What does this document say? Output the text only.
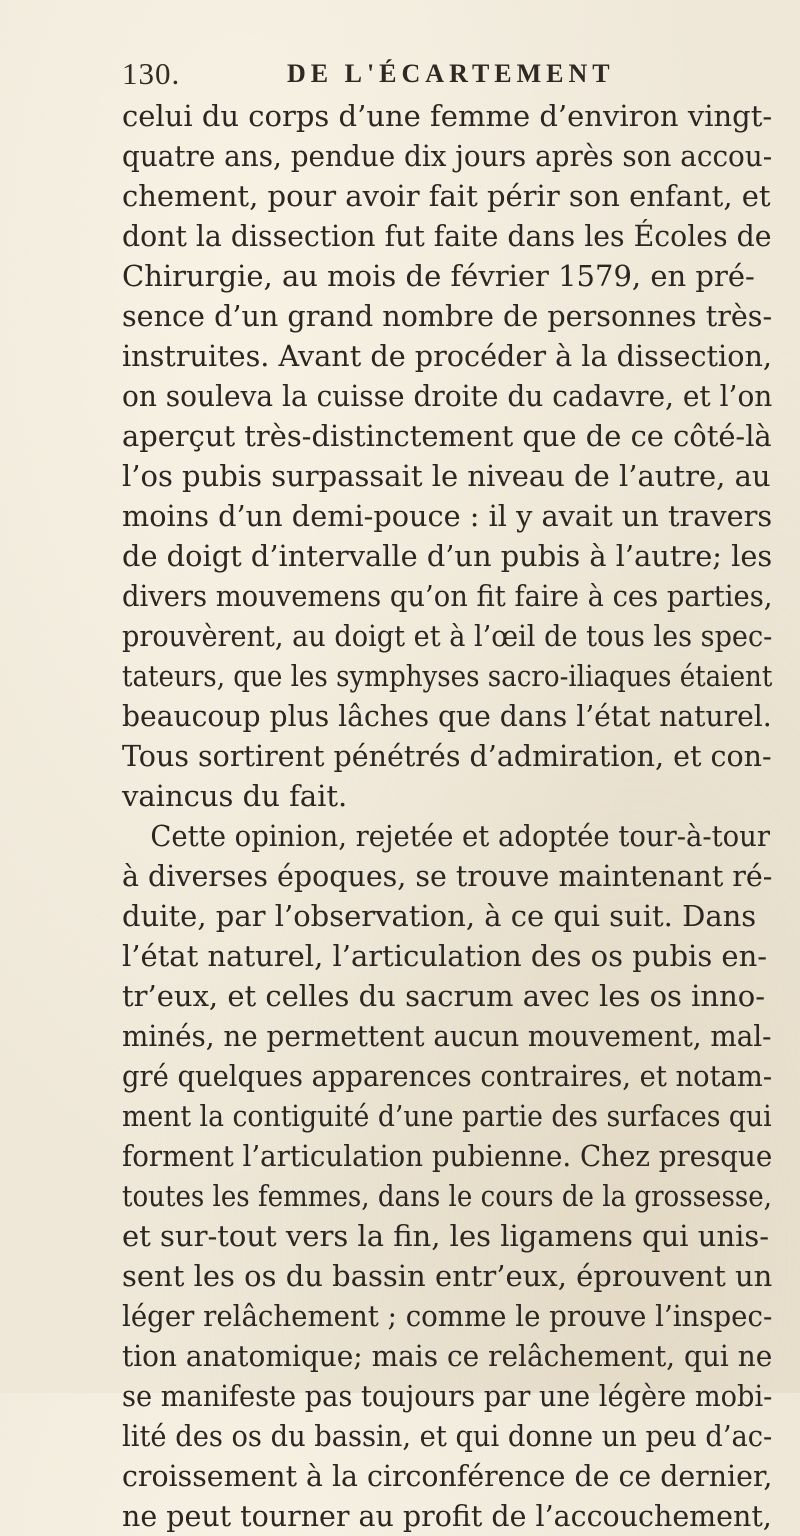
130.	DE L'ÉCARTEMENT
celui du corps d’une femme d’environ vingt-
quatre ans, pendue dix jours après son accou-
chement, pour avoir fait périr son enfant, et
dont la dissection fut faite dans les Écoles de
Chirurgie, au mois de février 1579, en pré-
sence d’un grand nombre de personnes très-
instruites. Avant de procéder à la dissection,
on souleva la cuisse droite du cadavre, et l’on
aperçut très-distinctement que de ce côté-là
l’os pubis surpassait le niveau de l’autre, au
moins d’un demi-pouce : il y avait un travers
de doigt d’intervalle d’un pubis à l’autre; les
divers mouvemens qu’on fit faire à ces parties,
prouvèrent, au doigt et à l’œil de tous les spec-
tateurs, que les symphyses sacro-iliaques étaient
beaucoup plus lâches que dans l’état naturel.
Tous sortirent pénétrés d’admiration, et con-
vaincus du fait.
Cette opinion, rejetée et adoptée tour-à-tour
à diverses époques, se trouve maintenant ré-
duite, par l’observation, à ce qui suit. Dans
l’état naturel, l’articulation des os pubis en-
tr’eux, et celles du sacrum avec les os inno-
minés, ne permettent aucun mouvement, mal-
gré quelques apparences contraires, et notam-
ment la contiguité d’une partie des surfaces qui
forment l’articulation pubienne. Chez presque
toutes les femmes, dans le cours de la grossesse,
et sur-tout vers la fin, les ligamens qui unis-
sent les os du bassin entr’eux, éprouvent un
léger relâchement ; comme le prouve l’inspec-
tion anatomique; mais ce relâchement, qui ne
se manifeste pas toujours par une légère mobi-
lité des os du bassin, et qui donne un peu d’ac-
croissement à la circonférence de ce dernier,
ne peut tourner au profit de l’accouchement,
